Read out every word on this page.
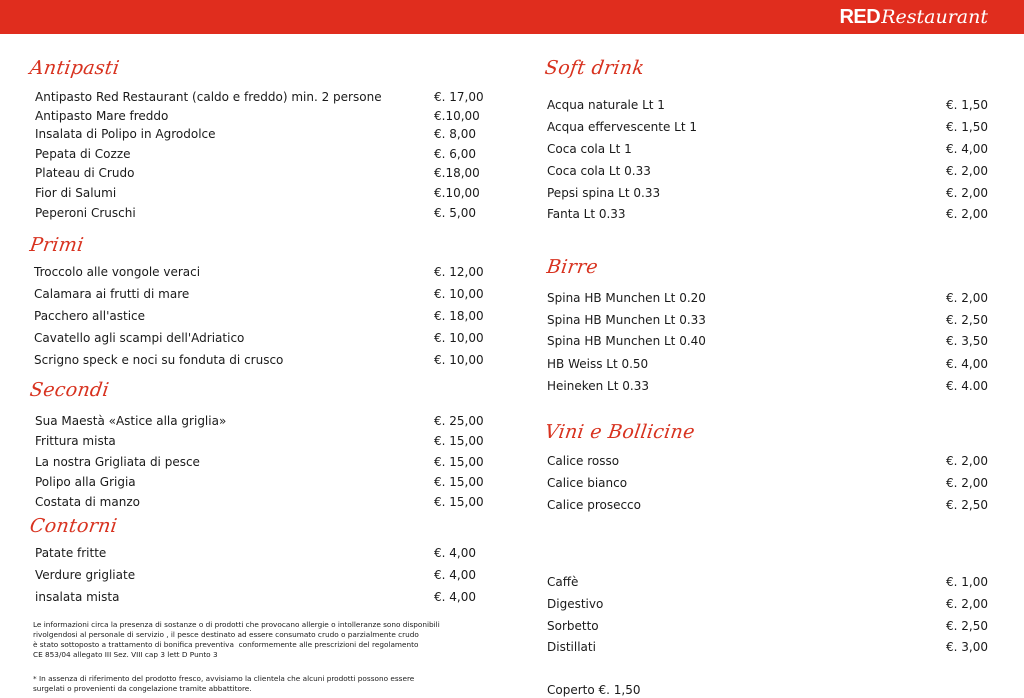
REDRestaurant
Antipasti
Antipasto Red Restaurant (caldo e freddo) min. 2 persone	€. 17,00
Antipasto Mare freddo	€.10,00
Insalata di Polipo in Agrodolce	€. 8,00
Pepata di Cozze	€. 6,00
Plateau di Crudo	€.18,00
Fior di Salumi	€.10,00
Peperoni Cruschi	€. 5,00
Primi
Troccolo alle vongole veraci	€. 12,00
Calamara ai frutti di mare	€. 10,00
Pacchero all'astice	€. 18,00
Cavatello agli scampi dell'Adriatico	€. 10,00
Scrigno speck e noci su fonduta di crusco	€. 10,00
Secondi
Sua Maestà «Astice alla griglia»	€. 25,00
Frittura mista	€. 15,00
La nostra Grigliata di pesce	€. 15,00
Polipo alla Grigia	€. 15,00
Costata di manzo	€. 15,00
Contorni
Patate fritte	€. 4,00
Verdure grigliate	€. 4,00
insalata mista	€. 4,00
Le informazioni circa la presenza di sostanze o di prodotti che provocano allergie o intolleranze sono disponibili
rivolgendosi al personale di servizio , il pesce destinato ad essere consumato crudo o parzialmente crudo
è stato sottoposto a trattamento di bonifica preventiva  conformemente alle prescrizioni del regolamento
CE 853/04 allegato III Sez. VIII cap 3 lett D Punto 3
* In assenza di riferimento del prodotto fresco, avvisiamo la clientela che alcuni prodotti possono essere
surgelati o provenienti da congelazione tramite abbattitore.
Soft drink
Acqua naturale Lt 1	€. 1,50
Acqua effervescente Lt 1	€. 1,50
Coca cola Lt 1	€. 4,00
Coca cola Lt 0.33	€. 2,00
Pepsi spina Lt 0.33	€. 2,00
Fanta Lt 0.33	€. 2,00
Birre
Spina HB Munchen Lt 0.20	€. 2,00
Spina HB Munchen Lt 0.33	€. 2,50
Spina HB Munchen Lt 0.40	€. 3,50
HB Weiss Lt 0.50	€. 4,00
Heineken Lt 0.33	€. 4.00
Vini e Bollicine
Calice rosso	€. 2,00
Calice bianco	€. 2,00
Calice prosecco	€. 2,50
Caffè	€. 1,00
Digestivo	€. 2,00
Sorbetto	€. 2,50
Distillati	€. 3,00
Coperto €. 1,50
